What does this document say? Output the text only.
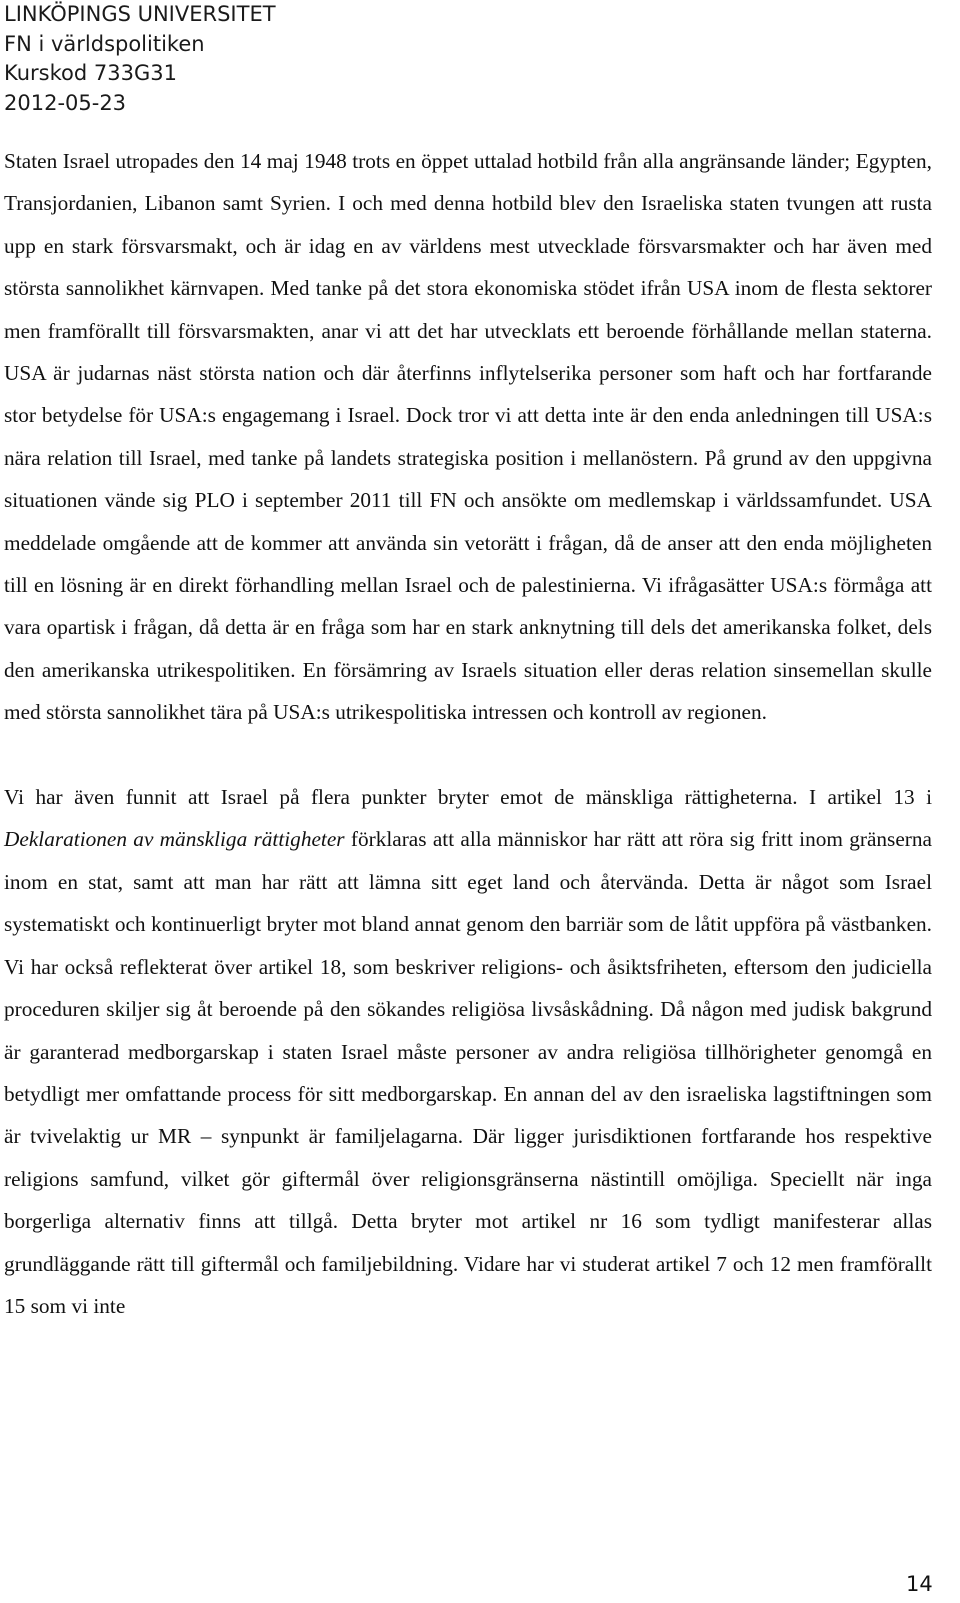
LINKÖPINGS UNIVERSITET
FN i världspolitiken
Kurskod 733G31
2012-05-23

Staten Israel utropades den 14 maj 1948 trots en öppet uttalad hotbild från alla angränsande länder; Egypten, Transjordanien, Libanon samt Syrien. I och med denna hotbild blev den Israeliska staten tvungen att rusta upp en stark försvarsmakt, och är idag en av världens mest utvecklade försvarsmakter och har även med största sannolikhet kärnvapen. Med tanke på det stora ekonomiska stödet ifrån USA inom de flesta sektorer men framförallt till försvarsmakten, anar vi att det har utvecklats ett beroende förhållande mellan staterna. USA är judarnas näst största nation och där återfinns inflytelserika personer som haft och har fortfarande stor betydelse för USA:s engagemang i Israel. Dock tror vi att detta inte är den enda anledningen till USA:s nära relation till Israel, med tanke på landets strategiska position i mellanöstern. På grund av den uppgivna situationen vände sig PLO i september 2011 till FN och ansökte om medlemskap i världssamfundet. USA meddelade omgående att de kommer att använda sin vetorätt i frågan, då de anser att den enda möjligheten till en lösning är en direkt förhandling mellan Israel och de palestinierna. Vi ifrågasätter USA:s förmåga att vara opartisk i frågan, då detta är en fråga som har en stark anknytning till dels det amerikanska folket, dels den amerikanska utrikespolitiken. En försämring av Israels situation eller deras relation sinsemellan skulle med största sannolikhet tära på USA:s utrikespolitiska intressen och kontroll av regionen.

Vi har även funnit att Israel på flera punkter bryter emot de mänskliga rättigheterna. I artikel 13 i Deklarationen av mänskliga rättigheter förklaras att alla människor har rätt att röra sig fritt inom gränserna inom en stat, samt att man har rätt att lämna sitt eget land och återvända. Detta är något som Israel systematiskt och kontinuerligt bryter mot bland annat genom den barriär som de låtit uppföra på västbanken. Vi har också reflekterat över artikel 18, som beskriver religions- och åsiktsfriheten, eftersom den judiciella proceduren skiljer sig åt beroende på den sökandes religiösa livsåskådning. Då någon med judisk bakgrund är garanterad medborgarskap i staten Israel måste personer av andra religiösa tillhörigheter genomgå en betydligt mer omfattande process för sitt medborgarskap. En annan del av den israeliska lagstiftningen som är tvivelaktig ur MR – synpunkt är familjelagarna. Där ligger jurisdiktionen fortfarande hos respektive religions samfund, vilket gör giftermål över religionsgränserna nästintill omöjliga. Speciellt när inga borgerliga alternativ finns att tillgå. Detta bryter mot artikel nr 16 som tydligt manifesterar allas grundläggande rätt till giftermål och familjebildning. Vidare har vi studerat artikel 7 och 12 men framförallt 15 som vi inte

14
